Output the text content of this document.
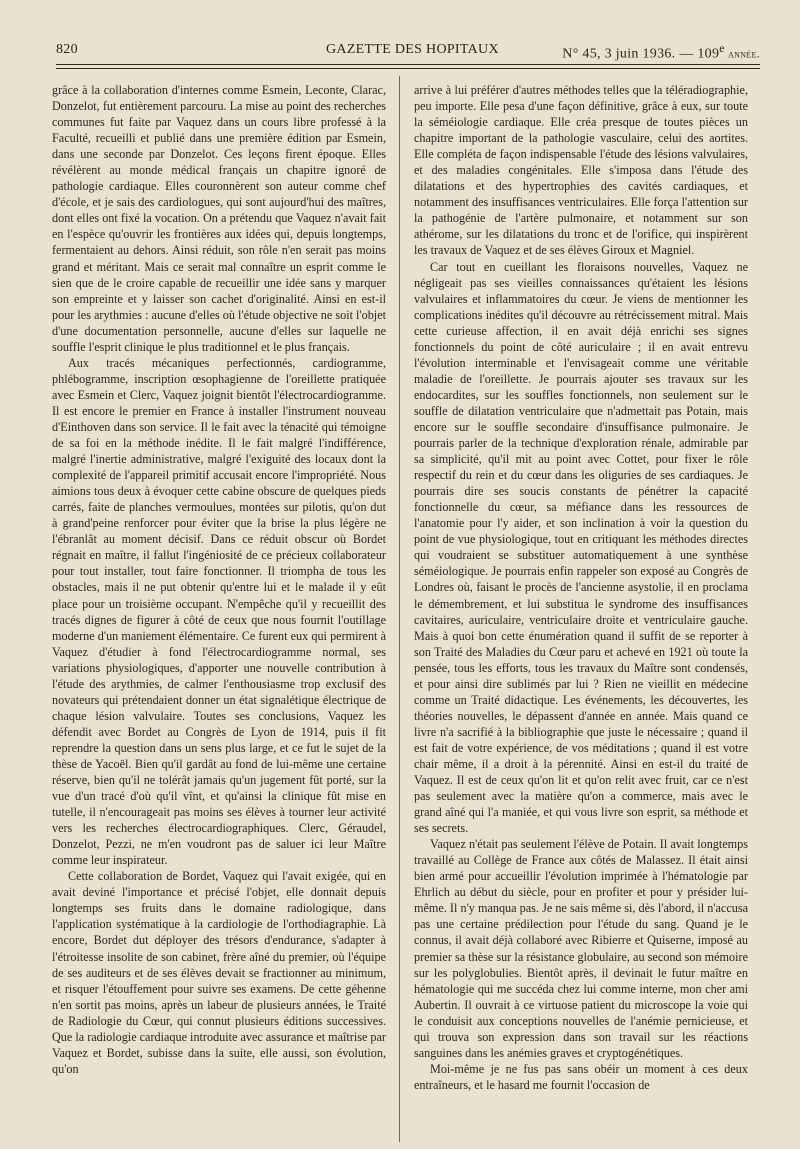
820	GAZETTE DES HOPITAUX	N° 45, 3 juin 1936. — 109e année.

grâce à la collaboration d'internes comme Esmein, Leconte, Clarac, Donzelot, fut entièrement parcouru. La mise au point des recherches communes fut faite par Vaquez dans un cours libre professé à la Faculté, recueilli et publié dans une première édition par Esmein, dans une seconde par Donzelot. Ces leçons firent époque. Elles révélèrent au monde médical français un chapitre ignoré de pathologie cardiaque. Elles couronnèrent son auteur comme chef d'école, et je sais des cardiologues, qui sont aujourd'hui des maîtres, dont elles ont fixé la vocation. On a prétendu que Vaquez n'avait fait en l'espèce qu'ouvrir les frontières aux idées qui, depuis longtemps, fermentaient au dehors. Ainsi réduit, son rôle n'en serait pas moins grand et méritant. Mais ce serait mal connaître un esprit comme le sien que de le croire capable de recueillir une idée sans y marquer son empreinte et y laisser son cachet d'originalité. Ainsi en est-il pour les arythmies : aucune d'elles où l'étude objective ne soit l'objet d'une documentation personnelle, aucune d'elles sur laquelle ne souffle l'esprit clinique le plus traditionnel et le plus français.

Aux tracés mécaniques perfectionnés, cardiogramme, phlébogramme, inscription œsophagienne de l'oreillette pratiquée avec Esmein et Clerc, Vaquez joignit bientôt l'électrocardiogramme. Il est encore le premier en France à installer l'instrument nouveau d'Einthoven dans son service. Il le fait avec la ténacité qui témoigne de sa foi en la méthode inédite. Il le fait malgré l'indifférence, malgré l'inertie administrative, malgré l'exiguité des locaux dont la complexité de l'appareil primitif accusait encore l'impropriété. Nous aimions tous deux à évoquer cette cabine obscure de quelques pieds carrés, faite de planches vermoulues, montées sur pilotis, qu'on dut à grand'peine renforcer pour éviter que la brise la plus légère ne l'ébranlât au moment décisif. Dans ce réduit obscur où Bordet régnait en maître, il fallut l'ingéniosité de ce précieux collaborateur pour tout installer, tout faire fonctionner. Il triompha de tous les obstacles, mais il ne put obtenir qu'entre lui et le malade il y eût place pour un troisième occupant. N'empêche qu'il y recueillit des tracés dignes de figurer à côté de ceux que nous fournit l'outillage moderne d'un maniement élémentaire. Ce furent eux qui permirent à Vaquez d'étudier à fond l'électrocardiogramme normal, ses variations physiologiques, d'apporter une nouvelle contribution à l'étude des arythmies, de calmer l'enthousiasme trop exclusif des novateurs qui prétendaient donner un état signalétique électrique de chaque lésion valvulaire. Toutes ses conclusions, Vaquez les défendit avec Bordet au Congrès de Lyon de 1914, puis il fit reprendre la question dans un sens plus large, et ce fut le sujet de la thèse de Yacoël. Bien qu'il gardât au fond de lui-même une certaine réserve, bien qu'il ne tolérât jamais qu'un jugement fût porté, sur la vue d'un tracé d'où qu'il vînt, et qu'ainsi la clinique fût mise en tutelle, il n'encourageait pas moins ses élèves à tourner leur activité vers les recherches électrocardiographiques. Clerc, Géraudel, Donzelot, Pezzi, ne m'en voudront pas de saluer ici leur Maître comme leur inspirateur.

Cette collaboration de Bordet, Vaquez qui l'avait exigée, qui en avait deviné l'importance et précisé l'objet, elle donnait depuis longtemps ses fruits dans le domaine radiologique, dans l'application systématique à la cardiologie de l'orthodiagraphie. Là encore, Bordet dut déployer des trésors d'endurance, s'adapter à l'étroitesse insolite de son cabinet, frère aîné du premier, où l'équipe de ses auditeurs et de ses élèves devait se fractionner au minimum, et risquer l'étouffement pour suivre ses examens. De cette géhenne n'en sortit pas moins, après un labeur de plusieurs années, le Traité de Radiologie du Cœur, qui connut plusieurs éditions successives. Que la radiologie cardiaque introduite avec assurance et maîtrise par Vaquez et Bordet, subisse dans la suite, elle aussi, son évolution, qu'on

arrive à lui préférer d'autres méthodes telles que la téléradiographie, peu importe. Elle pesa d'une façon définitive, grâce à eux, sur toute la séméiologie cardiaque. Elle créa presque de toutes pièces un chapitre important de la pathologie vasculaire, celui des aortites. Elle compléta de façon indispensable l'étude des lésions valvulaires, et des maladies congénitales. Elle s'imposa dans l'étude des dilatations et des hypertrophies des cavités cardiaques, et notamment des insuffisances ventriculaires. Elle força l'attention sur la pathogénie de l'artère pulmonaire, et notamment sur son athérome, sur les dilatations du tronc et de l'orifice, qui inspirèrent les travaux de Vaquez et de ses élèves Giroux et Magniel.

Car tout en cueillant les floraisons nouvelles, Vaquez ne négligeait pas ses vieilles connaissances qu'étaient les lésions valvulaires et inflammatoires du cœur. Je viens de mentionner les complications inédites qu'il découvre au rétrécissement mitral. Mais cette curieuse affection, il en avait déjà enrichi ses signes fonctionnels du point de côté auriculaire ; il en avait entrevu l'évolution interminable et l'envisageait comme une véritable maladie de l'oreillette. Je pourrais ajouter ses travaux sur les endocardites, sur les souffles fonctionnels, non seulement sur le souffle de dilatation ventriculaire que n'admettait pas Potain, mais encore sur le souffle secondaire d'insuffisance pulmonaire. Je pourrais parler de la technique d'exploration rénale, admirable par sa simplicité, qu'il mit au point avec Cottet, pour fixer le rôle respectif du rein et du cœur dans les oliguries de ses cardiaques. Je pourrais dire ses soucis constants de pénétrer la capacité fonctionnelle du cœur, sa méfiance dans les ressources de l'anatomie pour l'y aider, et son inclination à voir la question du point de vue physiologique, tout en critiquant les méthodes directes qui voudraient se substituer automatiquement à une synthèse séméiologique. Je pourrais enfin rappeler son exposé au Congrès de Londres où, faisant le procès de l'ancienne asystolie, il en proclama le démembrement, et lui substitua le syndrome des insuffisances cavitaires, auriculaire, ventriculaire droite et ventriculaire gauche. Mais à quoi bon cette énumération quand il suffit de se reporter à son Traité des Maladies du Cœur paru et achevé en 1921 où toute la pensée, tous les efforts, tous les travaux du Maître sont condensés, et pour ainsi dire sublimés par lui ? Rien ne vieillit en médecine comme un Traité didactique. Les événements, les découvertes, les théories nouvelles, le dépassent d'année en année. Mais quand ce livre n'a sacrifié à la bibliographie que juste le nécessaire ; quand il est fait de votre expérience, de vos méditations ; quand il est votre chair même, il a droit à la pérennité. Ainsi en est-il du traité de Vaquez. Il est de ceux qu'on lit et qu'on relit avec fruit, car ce n'est pas seulement avec la matière qu'on a commerce, mais avec le grand aîné qui l'a maniée, et qui vous livre son esprit, sa méthode et ses secrets.

Vaquez n'était pas seulement l'élève de Potain. Il avait longtemps travaillé au Collège de France aux côtés de Malassez. Il était ainsi bien armé pour accueillir l'évolution imprimée à l'hématologie par Ehrlich au début du siècle, pour en profiter et pour y présider lui-même. Il n'y manqua pas. Je ne sais même si, dès l'abord, il n'accusa pas une certaine prédilection pour l'étude du sang. Quand je le connus, il avait déjà collaboré avec Ribierre et Quiserne, imposé au premier sa thèse sur la résistance globulaire, au second son mémoire sur les polyglobulies. Bientôt après, il devinait le futur maître en hématologie qui me succéda chez lui comme interne, mon cher ami Aubertin. Il ouvrait à ce virtuose patient du microscope la voie qui le conduisit aux conceptions nouvelles de l'anémie pernicieuse, et qui trouva son expression dans son travail sur les réactions sanguines dans les anémies graves et cryptogénétiques.

Moi-même je ne fus pas sans obéir un moment à ces deux entraîneurs, et le hasard me fournit l'occasion de
